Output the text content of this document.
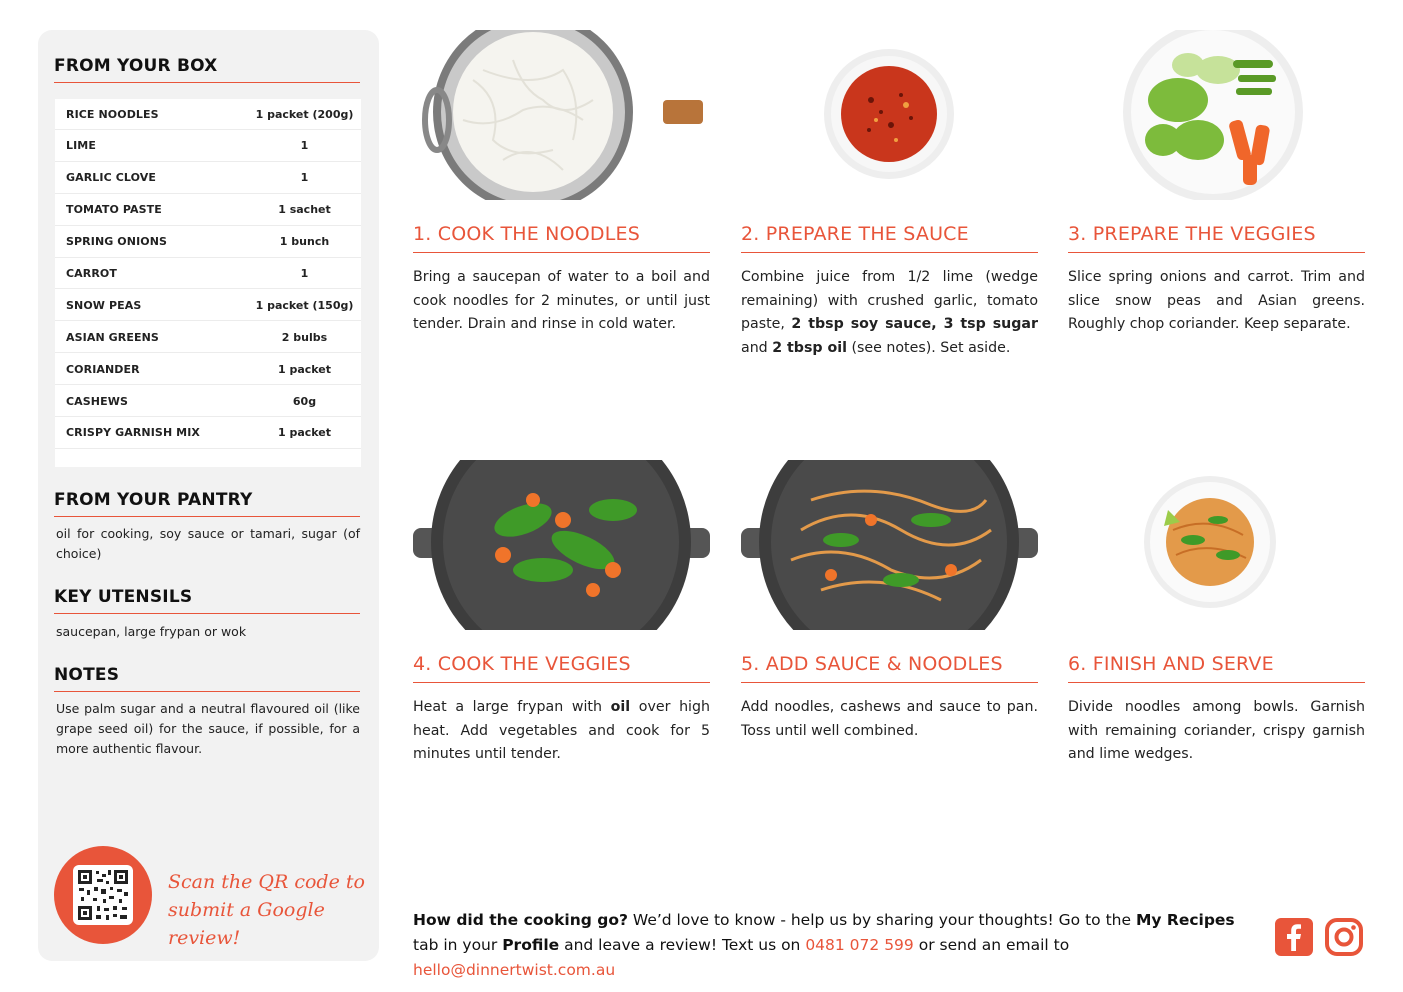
FROM YOUR BOX
RICE NOODLES	1 packet (200g)
LIME	1
GARLIC CLOVE	1
TOMATO PASTE	1 sachet
SPRING ONIONS	1 bunch
CARROT	1
SNOW PEAS	1 packet (150g)
ASIAN GREENS	2 bulbs
CORIANDER	1 packet
CASHEWS	60g
CRISPY GARNISH MIX	1 packet
FROM YOUR PANTRY
oil for cooking, soy sauce or tamari, sugar (of choice)
KEY UTENSILS
saucepan, large frypan or wok
NOTES
Use palm sugar and a neutral flavoured oil (like grape seed oil) for the sauce, if possible, for a more authentic flavour.
Scan the QR code to
submit a Google review!
1. COOK THE NOODLES
Bring a saucepan of water to a boil and cook noodles for 2 minutes, or until just tender. Drain and rinse in cold water.
2. PREPARE THE SAUCE
Combine juice from 1/2 lime (wedge remaining) with crushed garlic, tomato paste, 2 tbsp soy sauce, 3 tsp sugar and 2 tbsp oil (see notes). Set aside.
3. PREPARE THE VEGGIES
Slice spring onions and carrot. Trim and slice snow peas and Asian greens. Roughly chop coriander. Keep separate.
4. COOK THE VEGGIES
Heat a large frypan with oil over high heat. Add vegetables and cook for 5 minutes until tender.
5. ADD SAUCE & NOODLES
Add noodles, cashews and sauce to pan. Toss until well combined.
6. FINISH AND SERVE
Divide noodles among bowls. Garnish with remaining coriander, crispy garnish and lime wedges.
How did the cooking go? We’d love to know - help us by sharing your thoughts! Go to the My Recipes tab in your Profile and leave a review! Text us on 0481 072 599 or send an email to hello@dinnertwist.com.au
